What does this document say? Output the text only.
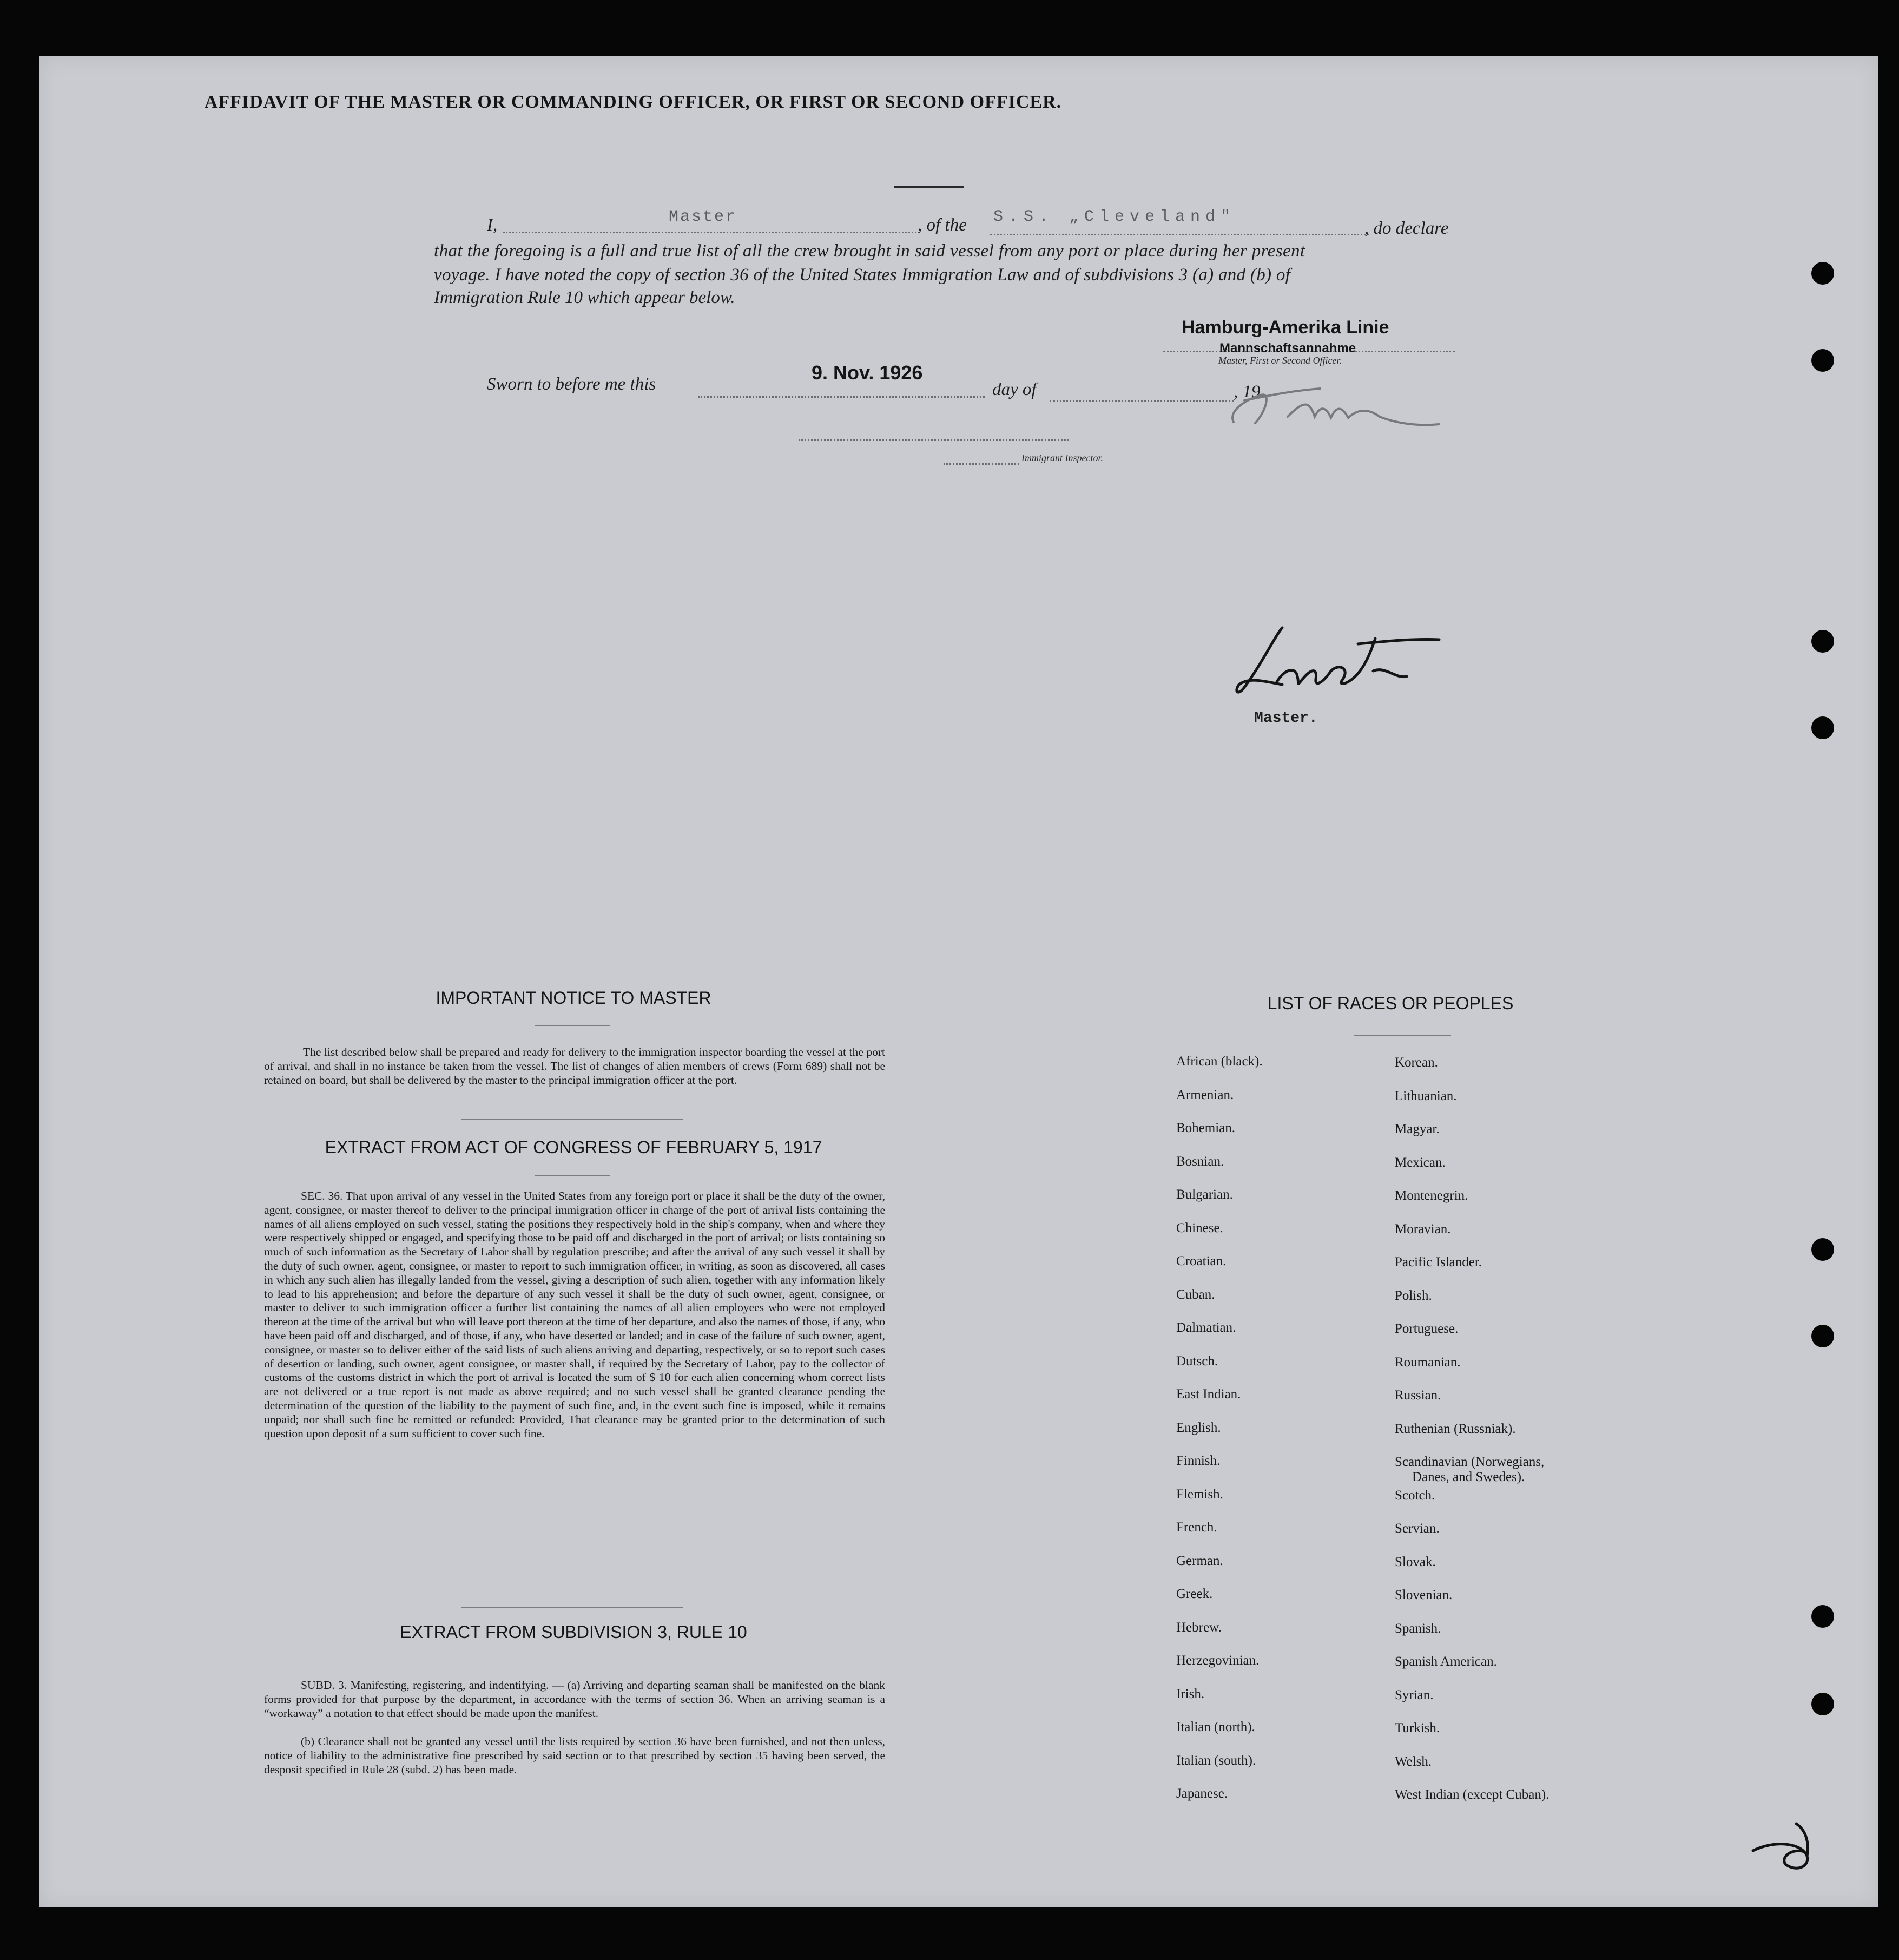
AFFIDAVIT OF THE MASTER OR COMMANDING OFFICER, OR FIRST OR SECOND OFFICER.
I,	Master	, of the S.S. „Cleveland"
, do declare
that the foregoing is a full and true list of all the crew brought in said vessel from any port or place during her present
voyage. I have noted the copy of section 36 of the United States Immigration Law and of subdivisions 3 (a) and (b) of
Immigration Rule 10 which appear below.
Hamburg-Amerika Linie
Mannschaftsannahme
Master, First or Second Officer.
Sworn to before me this
9. Nov. 1926
day of	, 19
Immigrant Inspector.
Master.
IMPORTANT NOTICE TO MASTER
The list described below shall be prepared and ready for delivery to the immigration inspector boarding the vessel at the port of arrival, and shall in no instance be taken from the vessel. The list of changes of alien members of crews (Form 689) shall not be retained on board, but shall be delivered by the master to the principal immigration officer at the port.
EXTRACT FROM ACT OF CONGRESS OF FEBRUARY 5, 1917
SEC. 36. That upon arrival of any vessel in the United States from any foreign port or place it shall be the duty of the owner, agent, consignee, or master thereof to deliver to the principal immigration officer in charge of the port of arrival lists containing the names of all aliens employed on such vessel, stating the positions they respectively hold in the ship's company, when and where they were respectively shipped or engaged, and specifying those to be paid off and discharged in the port of arrival; or lists containing so much of such information as the Secretary of Labor shall by regulation prescribe; and after the arrival of any such vessel it shall by the duty of such owner, agent, consignee, or master to report to such immigration officer, in writing, as soon as discovered, all cases in which any such alien has illegally landed from the vessel, giving a description of such alien, together with any information likely to lead to his apprehension; and before the departure of any such vessel it shall be the duty of such owner, agent, consignee, or master to deliver to such immigration officer a further list containing the names of all alien employees who were not employed thereon at the time of the arrival but who will leave port thereon at the time of her departure, and also the names of those, if any, who have been paid off and discharged, and of those, if any, who have deserted or landed; and in case of the failure of such owner, agent, consignee, or master so to deliver either of the said lists of such aliens arriving and departing, respectively, or so to report such cases of desertion or landing, such owner, agent consignee, or master shall, if required by the Secretary of Labor, pay to the collector of customs of the customs district in which the port of arrival is located the sum of $ 10 for each alien concerning whom correct lists are not delivered or a true report is not made as above required; and no such vessel shall be granted clearance pending the determination of the question of the liability to the payment of such fine, and, in the event such fine is imposed, while it remains unpaid; nor shall such fine be remitted or refunded: Provided, That clearance may be granted prior to the determination of such question upon deposit of a sum sufficient to cover such fine.
EXTRACT FROM SUBDIVISION 3, RULE 10
SUBD. 3. Manifesting, registering, and indentifying. — (a) Arriving and departing seaman shall be manifested on the blank forms provided for that purpose by the department, in accordance with the terms of section 36. When an arriving seaman is a “workaway” a notation to that effect should be made upon the manifest.
(b) Clearance shall not be granted any vessel until the lists required by section 36 have been furnished, and not then unless, notice of liability to the administrative fine prescribed by said section or to that prescribed by section 35 having been served, the desposit specified in Rule 28 (subd. 2) has been made.
LIST OF RACES OR PEOPLES
African (black).
Armenian.
Bohemian.
Bosnian.
Bulgarian.
Chinese.
Croatian.
Cuban.
Dalmatian.
Dutsch.
East Indian.
English.
Finnish.
Flemish.
French.
German.
Greek.
Hebrew.
Herzegovinian.
Irish.
Italian (north).
Italian (south).
Japanese.
Korean.
Lithuanian.
Magyar.
Mexican.
Montenegrin.
Moravian.
Pacific Islander.
Polish.
Portuguese.
Roumanian.
Russian.
Ruthenian (Russniak).
Scandinavian (Norwegians,
Scotch.
Servian.
Slovak.
Slovenian.
Spanish.
Spanish American.
Syrian.
Turkish.
Welsh.
West Indian (except Cuban).
Danes, and Swedes).
